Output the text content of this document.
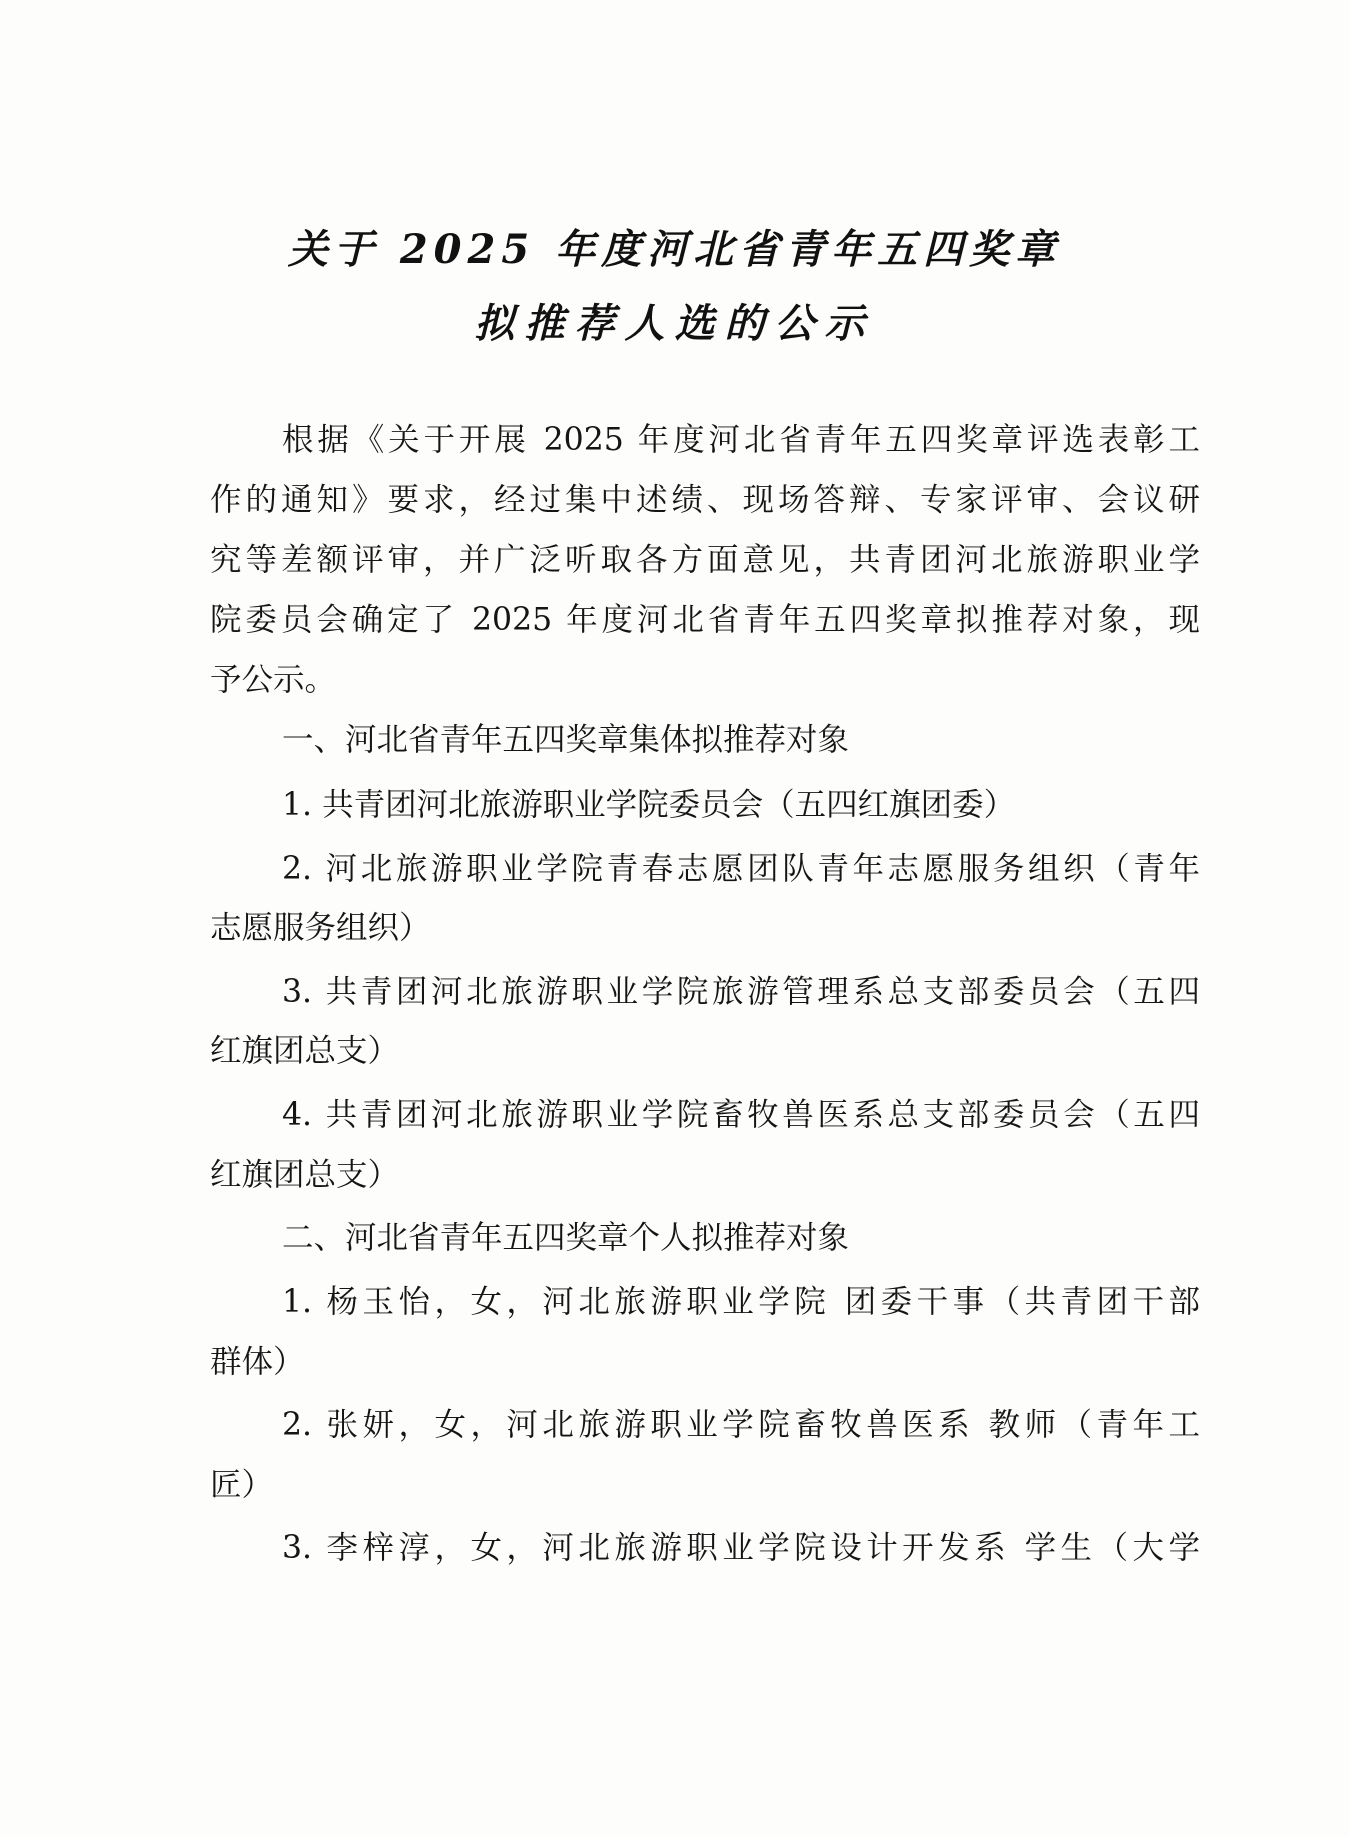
关于 2025 年度河北省青年五四奖章
拟推荐人选的公示
根据《关于开展 2025 年度河北省青年五四奖章评选表彰工
作的通知》要求，经过集中述绩、现场答辩、专家评审、会议研
究等差额评审，并广泛听取各方面意见，共青团河北旅游职业学
院委员会确定了 2025 年度河北省青年五四奖章拟推荐对象，现
予公示。
一、河北省青年五四奖章集体拟推荐对象
1. 共青团河北旅游职业学院委员会（五四红旗团委）
2. 河北旅游职业学院青春志愿团队青年志愿服务组织（青年
志愿服务组织）
3. 共青团河北旅游职业学院旅游管理系总支部委员会（五四
红旗团总支）
4. 共青团河北旅游职业学院畜牧兽医系总支部委员会（五四
红旗团总支）
二、河北省青年五四奖章个人拟推荐对象
1. 杨玉怡，女，河北旅游职业学院 团委干事（共青团干部
群体）
2. 张妍，女，河北旅游职业学院畜牧兽医系 教师（青年工
匠）
3. 李梓淳，女，河北旅游职业学院设计开发系 学生（大学
